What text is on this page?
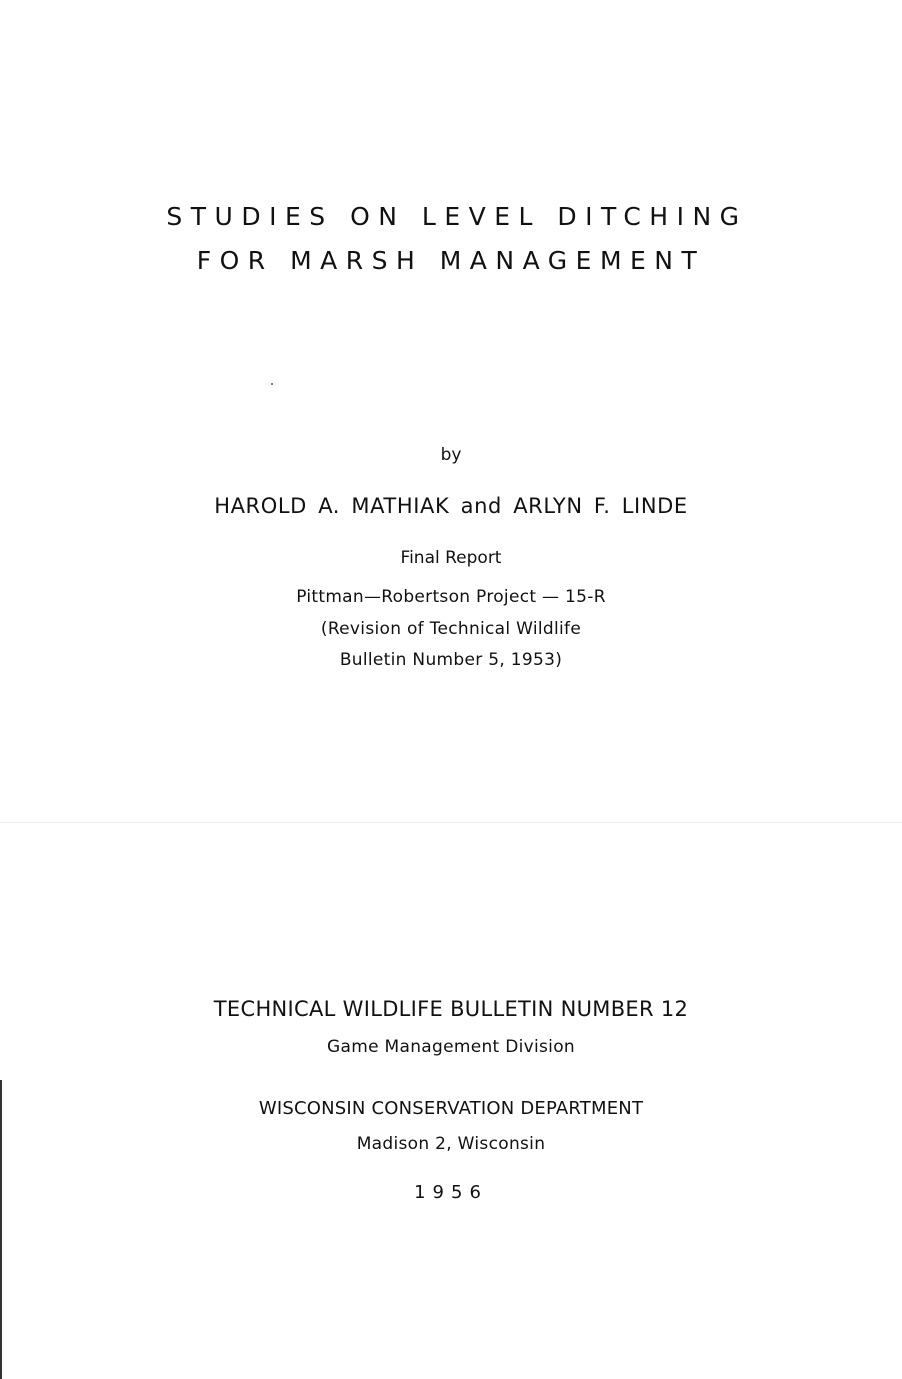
STUDIES ON LEVEL DITCHING
FOR MARSH MANAGEMENT
by
HAROLD A. MATHIAK and ARLYN F. LINDE
Final Report
Pittman—Robertson Project — 15-R
(Revision of Technical Wildlife
Bulletin Number 5, 1953)
TECHNICAL WILDLIFE BULLETIN NUMBER 12
Game Management Division
WISCONSIN CONSERVATION DEPARTMENT
Madison 2, Wisconsin
1956
